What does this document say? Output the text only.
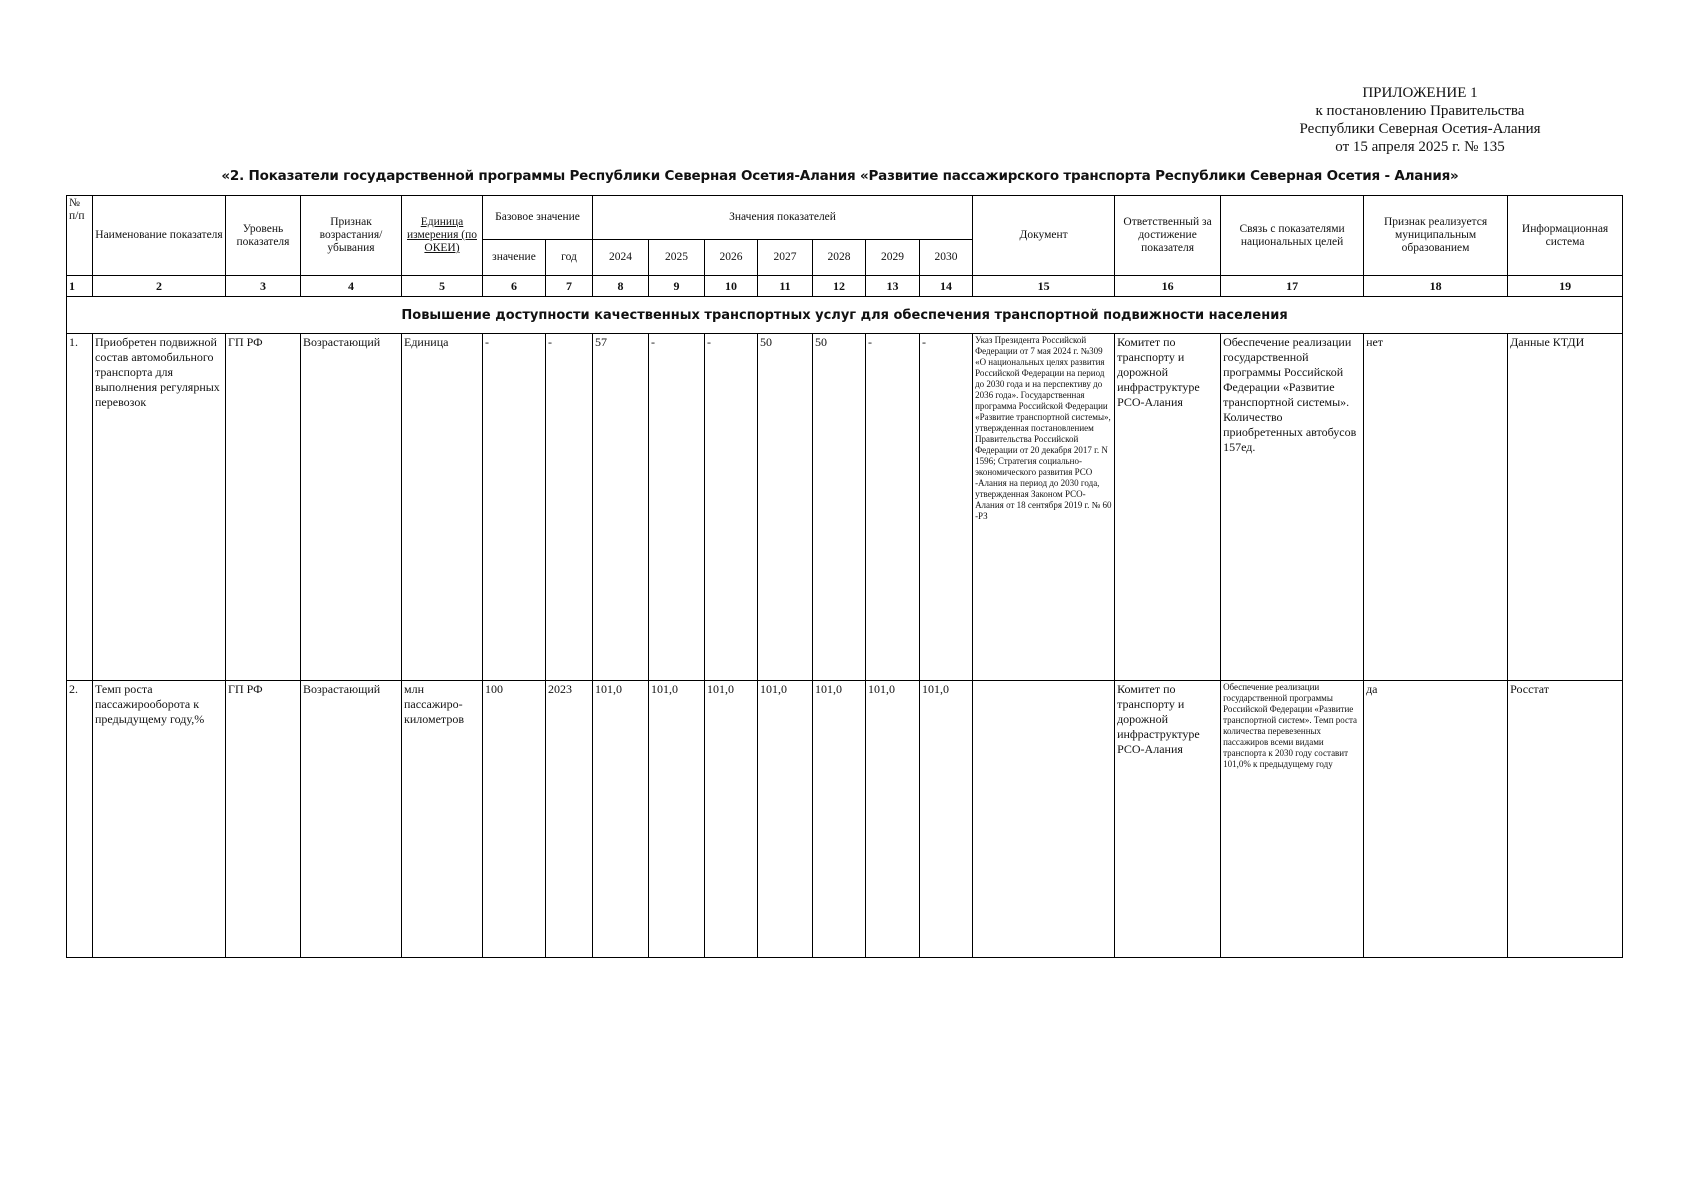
ПРИЛОЖЕНИЕ 1
к постановлению Правительства
Республики Северная Осетия-Алания
от 15 апреля 2025 г. № 135
«2. Показатели государственной программы Республики Северная Осетия-Алания «Развитие пассажирского транспорта Республики Северная Осетия - Алания»
№ п/п	Наименование показателя	Уровень показателя	Признак возрастания/ убывания	Единица измерения (по ОКЕИ)	Базовое значение		Значения показателей							Документ	Ответственный за достижение показателя	Связь с показателями национальных целей	Признак реализуется муниципальным образованием	Информационная система
					значение	год	2024	2025	2026	2027	2028	2029	2030					
1	2	3	4	5	6	7	8	9	10	11	12	13	14	15	16	17	18	19
Повышение доступности качественных транспортных услуг для обеспечения транспортной подвижности населения																		
1.	Приобретен подвижной состав автомобильного транспорта для выполнения регулярных перевозок	ГП РФ	Возрастающий	Единица	-	-	57	-	-	50	50	-	-	Указ Президента Российской Федерации от 7 мая 2024 г. №309 «О национальных целях развития Российской Федерации на период до 2030 года и на перспективу до 2036 года». Государственная программа Российской Федерации «Развитие транспортной системы», утвержденная постановлением Правительства Российской Федерации от 20 декабря 2017 г. N 1596; Стратегия социально-экономического развития РСО -Алания на период до 2030 года, утвержденная Законом РСО-Алания от 18 сентября 2019 г. № 60 -РЗ	Комитет по транспорту и дорожной инфраструктуре РСО-Алания	Обеспечение реализации государственной программы Российской Федерации «Развитие транспортной системы». Количество приобретенных автобусов 157ед.	нет	Данные КТДИ
2.	Темп роста пассажирооборота к предыдущему году,%	ГП РФ	Возрастающий	млн пассажиро-километров	100	2023	101,0	101,0	101,0	101,0	101,0	101,0	101,0		Комитет по транспорту и дорожной инфраструктуре РСО-Алания	Обеспечение реализации государственной программы Российской Федерации «Развитие транспортной систем». Темп роста количества перевезенных пассажиров всеми видами транспорта к 2030 году составит 101,0% к предыдущему году	да	Росстат
